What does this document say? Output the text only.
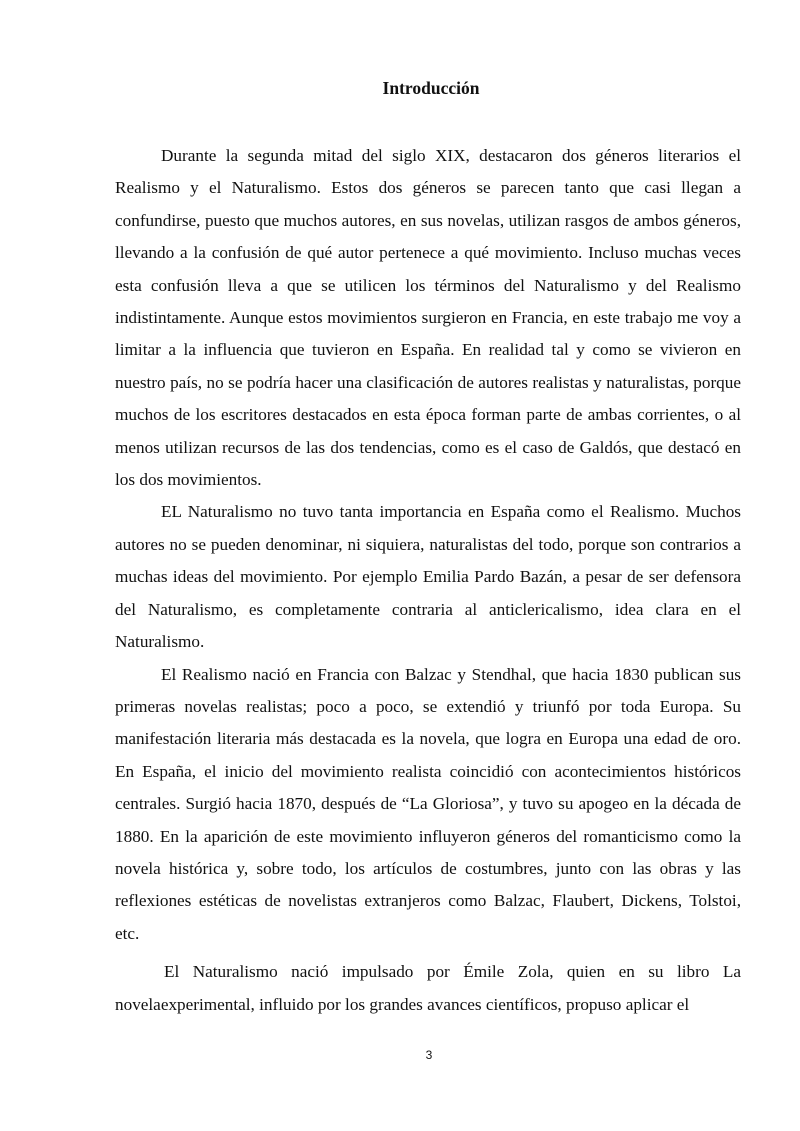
Introducción

Durante la segunda mitad del siglo XIX, destacaron dos géneros literarios el Realismo y el Naturalismo. Estos dos géneros se parecen tanto que casi llegan a confundirse, puesto que muchos autores, en sus novelas, utilizan rasgos de ambos géneros, llevando a la confusión de qué autor pertenece a qué movimiento. Incluso muchas veces esta confusión lleva a que se utilicen los términos del Naturalismo y del Realismo indistintamente. Aunque estos movimientos surgieron en Francia, en este trabajo me voy a limitar a la influencia que tuvieron en España. En realidad tal y como se vivieron en nuestro país, no se podría hacer una clasificación de autores realistas y naturalistas, porque muchos de los escritores destacados en esta época forman parte de ambas corrientes, o al menos utilizan recursos de las dos tendencias, como es el caso de Galdós, que destacó en los dos movimientos.

EL Naturalismo no tuvo tanta importancia en España como el Realismo. Muchos autores no se pueden denominar, ni siquiera, naturalistas del todo, porque son contrarios a muchas ideas del movimiento. Por ejemplo Emilia Pardo Bazán, a pesar de ser defensora del Naturalismo, es completamente contraria al anticlericalismo, idea clara en el Naturalismo.

El Realismo nació en Francia con Balzac y Stendhal, que hacia 1830 publican sus primeras novelas realistas; poco a poco, se extendió y triunfó por toda Europa. Su manifestación literaria más destacada es la novela, que logra en Europa una edad de oro. En España, el inicio del movimiento realista coincidió con acontecimientos históricos centrales. Surgió hacia 1870, después de “La Gloriosa”, y tuvo su apogeo en la década de 1880. En la aparición de este movimiento influyeron géneros del romanticismo como la novela histórica y, sobre todo, los artículos de costumbres, junto con las obras y las reflexiones estéticas de novelistas extranjeros como Balzac, Flaubert, Dickens, Tolstoi, etc.

El Naturalismo nació impulsado por Émile Zola, quien en su libro La novelaexperimental, influido por los grandes avances científicos, propuso aplicar el

3
